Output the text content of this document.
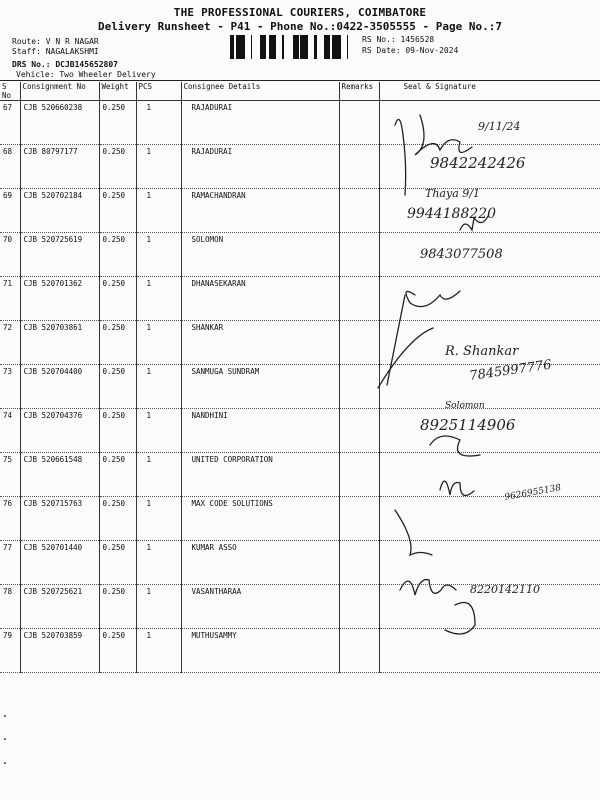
THE PROFESSIONAL COURIERS, COIMBATORE
Delivery Runsheet - P41 - Phone No.:0422-3505555 - Page No.:7
Route: V N R NAGAR
Staff: NAGALAKSHMI
DRS No.: DCJB145652807
Vehicle: Two Wheeler Delivery
RS No.: 1456528
RS Date: 09-Nov-2024
S No	Consignment No	Weight	PCS	Consignee Details	Remarks	Seal & Signature
67	CJB 520660238	0.250	1	RAJADURAI		
68	CJB 80797177	0.250	1	RAJADURAI		
69	CJB 520702184	0.250	1	RAMACHANDRAN		
70	CJB 520725619	0.250	1	SOLOMON		
71	CJB 520701362	0.250	1	DHANASEKARAN		
72	CJB 520703861	0.250	1	SHANKAR		
73	CJB 520704400	0.250	1	SANMUGA SUNDRAM		
74	CJB 520704376	0.250	1	NANDHINI		
75	CJB 520661548	0.250	1	UNITED CORPORATION		
76	CJB 520715763	0.250	1	MAX CODE SOLUTIONS		
77	CJB 520701440	0.250	1	KUMAR ASSO		
78	CJB 520725621	0.250	1	VASANTHARAA		
79	CJB 520703859	0.250	1	MUTHUSAMMY		
9/11/24
9842242426
Thaya 9/1
9944188220
9843077508
R. Shankar
7845997776
Solomon
8925114906
9626955138
8220142110
